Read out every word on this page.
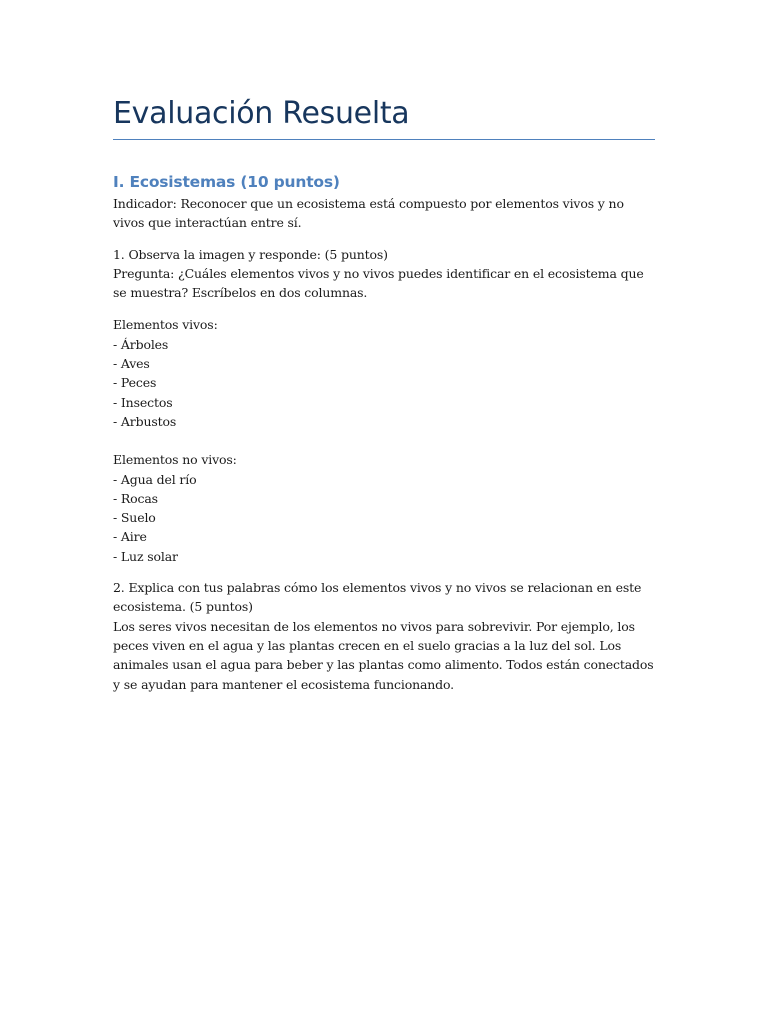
Evaluación Resuelta
I. Ecosistemas (10 puntos)

Indicador: Reconocer que un ecosistema está compuesto por elementos vivos y no vivos que interactúan entre sí.

1. Observa la imagen y responde: (5 puntos)

Pregunta: ¿Cuáles elementos vivos y no vivos puedes identificar en el ecosistema que se muestra? Escríbelos en dos columnas.

Elementos vivos:

- Árboles
- Aves
- Peces
- Insectos
- Arbustos

Elementos no vivos:

- Agua del río
- Rocas
- Suelo
- Aire
- Luz solar

2. Explica con tus palabras cómo los elementos vivos y no vivos se relacionan en este ecosistema. (5 puntos)

Los seres vivos necesitan de los elementos no vivos para sobrevivir. Por ejemplo, los peces viven en el agua y las plantas crecen en el suelo gracias a la luz del sol. Los animales usan el agua para beber y las plantas como alimento. Todos están conectados y se ayudan para mantener el ecosistema funcionando.
